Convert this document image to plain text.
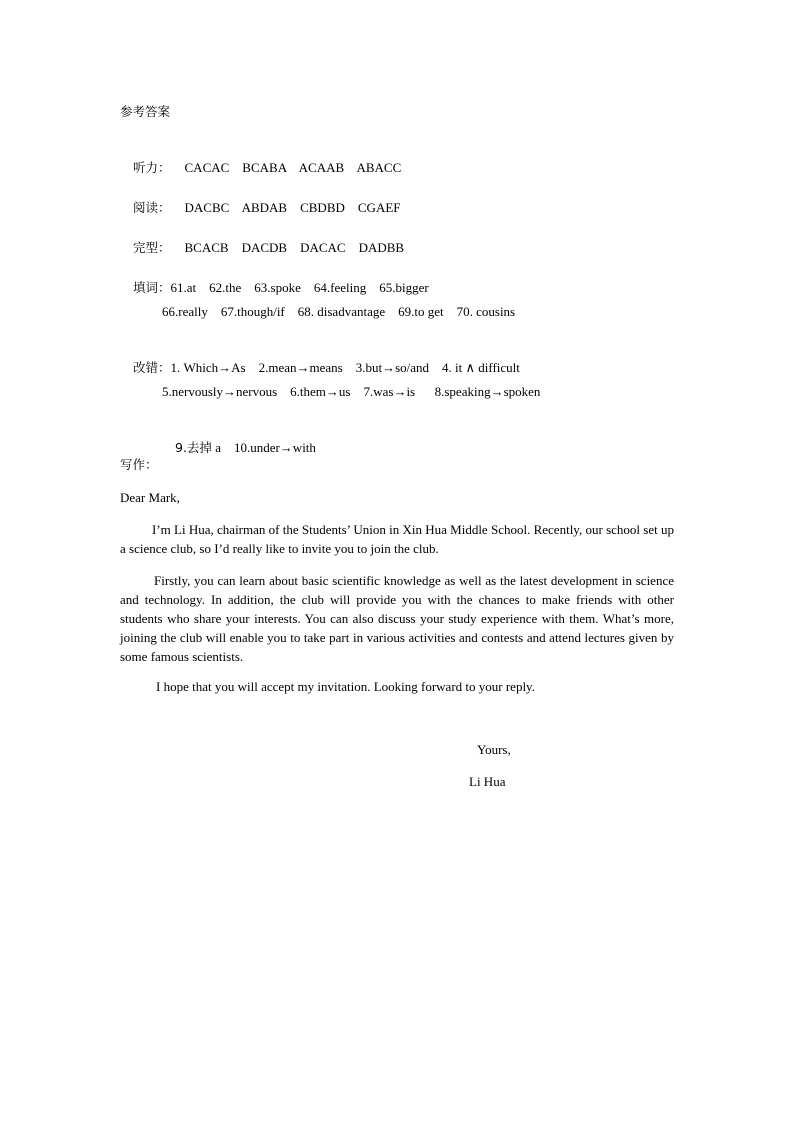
参考答案

听力： CACAC    BCABA    ACAAB    ABACC

阅读： DACBC    ABDAB    CBDBD    CGAEF

完型： BCACB    DACDB    DACAC    DADBB

填词：61.at    62.the    63.spoke    64.feeling    65.bigger

66.really    67.though/if    68. disadvantage    69.to get    70. cousins

改错：1. Which→As    2.mean→means    3.but→so/and    4. it ∧ difficult

5.nervously→nervous    6.them→us    7.was→is      8.speaking→spoken

9.去掉 a    10.under→with

写作：
Dear Mark,

I’m Li Hua, chairman of the Students’ Union in Xin Hua Middle School. Recently, our school set up a science club, so I’d really like to invite you to join the club.

Firstly, you can learn about basic scientific knowledge as well as the latest development in science and technology. In addition, the club will provide you with the chances to make friends with other students who share your interests. You can also discuss your study experience with them. What’s more, joining the club will enable you to take part in various activities and contests and attend lectures given by some famous scientists.

I hope that you will accept my invitation. Looking forward to your reply.

Yours,
Li Hua
